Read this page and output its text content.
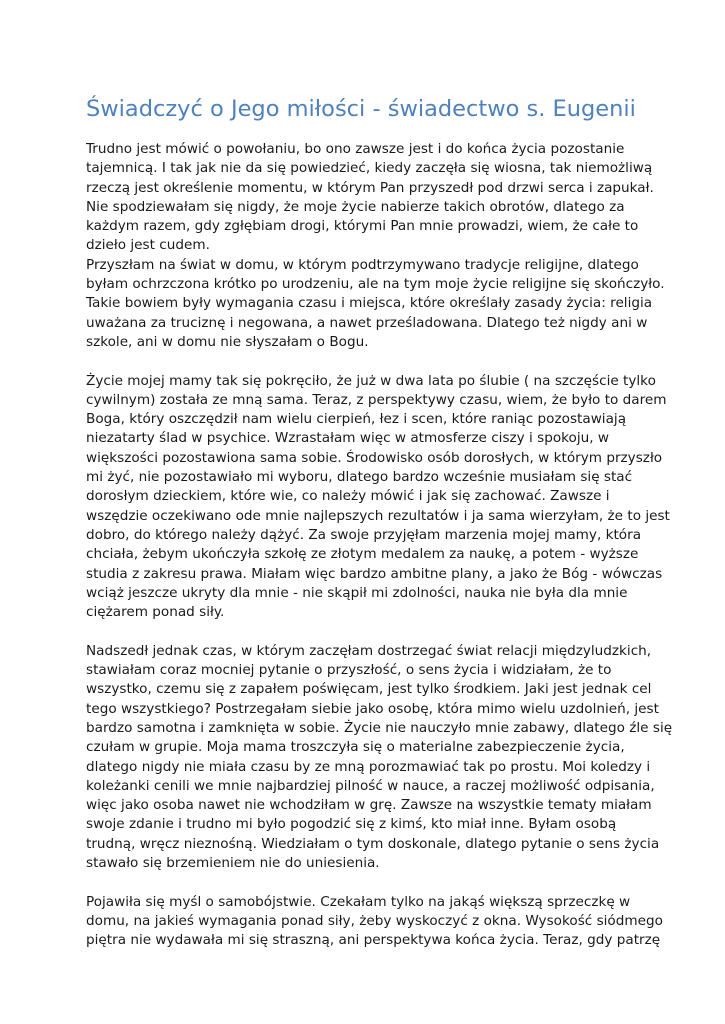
Świadczyć o Jego miłości - świadectwo s. Eugenii

Trudno jest mówić o powołaniu, bo ono zawsze jest i do końca życia pozostanie
tajemnicą. I tak jak nie da się powiedzieć, kiedy zaczęła się wiosna, tak niemożliwą
rzeczą jest określenie momentu, w którym Pan przyszedł pod drzwi serca i zapukał.
Nie spodziewałam się nigdy, że moje życie nabierze takich obrotów, dlatego za
każdym razem, gdy zgłębiam drogi, którymi Pan mnie prowadzi, wiem, że całe to
dzieło jest cudem.

Przyszłam na świat w domu, w którym podtrzymywano tradycje religijne, dlatego
byłam ochrzczona krótko po urodzeniu, ale na tym moje życie religijne się skończyło.
Takie bowiem były wymagania czasu i miejsca, które określały zasady życia: religia
uważana za truciznę i negowana, a nawet prześladowana. Dlatego też nigdy ani w
szkole, ani w domu nie słyszałam o Bogu.

Życie mojej mamy tak się pokręciło, że już w dwa lata po ślubie ( na szczęście tylko
cywilnym) została ze mną sama. Teraz, z perspektywy czasu, wiem, że było to darem
Boga, który oszczędził nam wielu cierpień, łez i scen, które raniąc pozostawiają
niezatarty ślad w psychice. Wzrastałam więc w atmosferze ciszy i spokoju, w
większości pozostawiona sama sobie. Środowisko osób dorosłych, w którym przyszło
mi żyć, nie pozostawiało mi wyboru, dlatego bardzo wcześnie musiałam się stać
dorosłym dzieckiem, które wie, co należy mówić i jak się zachować. Zawsze i
wszędzie oczekiwano ode mnie najlepszych rezultatów i ja sama wierzyłam, że to jest
dobro, do którego należy dążyć. Za swoje przyjęłam marzenia mojej mamy, która
chciała, żebym ukończyła szkołę ze złotym medalem za naukę, a potem - wyższe
studia z zakresu prawa. Miałam więc bardzo ambitne plany, a jako że Bóg - wówczas
wciąż jeszcze ukryty dla mnie - nie skąpił mi zdolności, nauka nie była dla mnie
ciężarem ponad siły.

Nadszedł jednak czas, w którym zaczęłam dostrzegać świat relacji międzyludzkich,
stawiałam coraz mocniej pytanie o przyszłość, o sens życia i widziałam, że to
wszystko, czemu się z zapałem poświęcam, jest tylko środkiem. Jaki jest jednak cel
tego wszystkiego? Postrzegałam siebie jako osobę, która mimo wielu uzdolnień, jest
bardzo samotna i zamknięta w sobie. Życie nie nauczyło mnie zabawy, dlatego źle się
czułam w grupie. Moja mama troszczyła się o materialne zabezpieczenie życia,
dlatego nigdy nie miała czasu by ze mną porozmawiać tak po prostu. Moi koledzy i
koleżanki cenili we mnie najbardziej pilność w nauce, a raczej możliwość odpisania,
więc jako osoba nawet nie wchodziłam w grę. Zawsze na wszystkie tematy miałam
swoje zdanie i trudno mi było pogodzić się z kimś, kto miał inne. Byłam osobą
trudną, wręcz nieznośną. Wiedziałam o tym doskonale, dlatego pytanie o sens życia
stawało się brzemieniem nie do uniesienia.

Pojawiła się myśl o samobójstwie. Czekałam tylko na jakąś większą sprzeczkę w
domu, na jakieś wymagania ponad siły, żeby wyskoczyć z okna. Wysokość siódmego
piętra nie wydawała mi się straszną, ani perspektywa końca życia. Teraz, gdy patrzę
